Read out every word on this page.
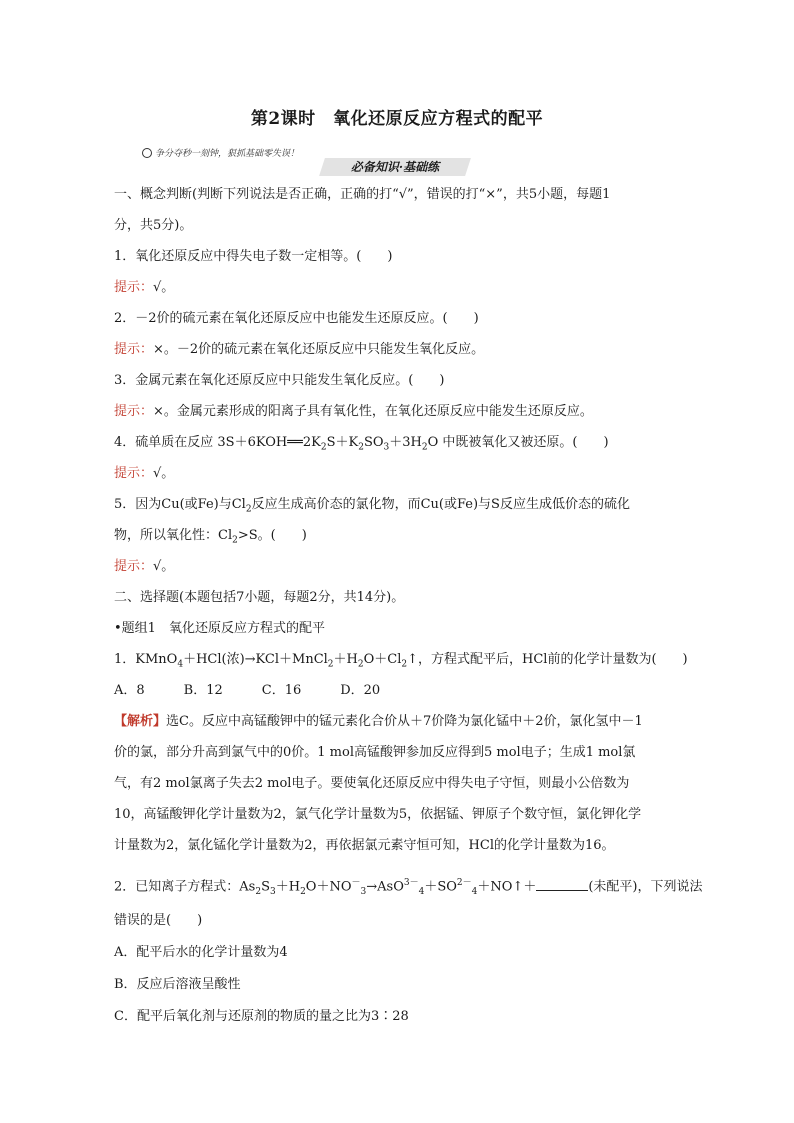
第2课时　氧化还原反应方程式的配平
争分夺秒一刻钟，狠抓基础零失误！
必备知识·基础练
一、概念判断(判断下列说法是否正确，正确的打“√”，错误的打“×”，共5小题，每题1
分，共5分)。
1．氧化还原反应中得失电子数一定相等。(　　)
提示：√。
2．－2价的硫元素在氧化还原反应中也能发生还原反应。(　　)
提示：×。－2价的硫元素在氧化还原反应中只能发生氧化反应。
3．金属元素在氧化还原反应中只能发生氧化反应。(　　)
提示：×。金属元素形成的阳离子具有氧化性，在氧化还原反应中能发生还原反应。
4．硫单质在反应 $3S+6KOH══2K_2S+K_2SO_3+3H_2O$ 中既被氧化又被还原。(　　)
提示：√。
5．因为Cu(或Fe)与$Cl_2$反应生成高价态的氯化物，而Cu(或Fe)与S反应生成低价态的硫化
物，所以氧化性：$Cl_2>S$。(　　)
提示：√。
二、选择题(本题包括7小题，每题2分，共14分)。
•题组1　氧化还原反应方程式的配平
1．KMnO$_4$＋HCl(浓)$\to KCl+MnCl_2+H_2O+Cl_2↑$，方程式配平后，HCl前的化学计量数为(　　)
A．8　　　B．12　　　C．16　　　D．20
【解析】选C。反应中高锰酸钾中的锰元素化合价从＋7价降为氯化锰中＋2价，氯化氢中－1
价的氯，部分升高到氯气中的0价。1 mol高锰酸钾参加反应得到5 mol电子；生成1 mol氯
气，有2 mol氯离子失去2 mol电子。要使氧化还原反应中得失电子守恒，则最小公倍数为
10，高锰酸钾化学计量数为2，氯气化学计量数为5，依据锰、钾原子个数守恒，氯化钾化学
计量数为2，氯化锰化学计量数为2，再依据氯元素守恒可知，HCl的化学计量数为16。
2．已知离子方程式：$As_2S_3+H_2O+NO^-_3\to AsO^{3-}_4+SO^{2-}_4+NO↑+$	(未配平)，下列说法
错误的是(　　)
A．配平后水的化学计量数为4
B．反应后溶液呈酸性
C．配平后氧化剂与还原剂的物质的量之比为3∶28
